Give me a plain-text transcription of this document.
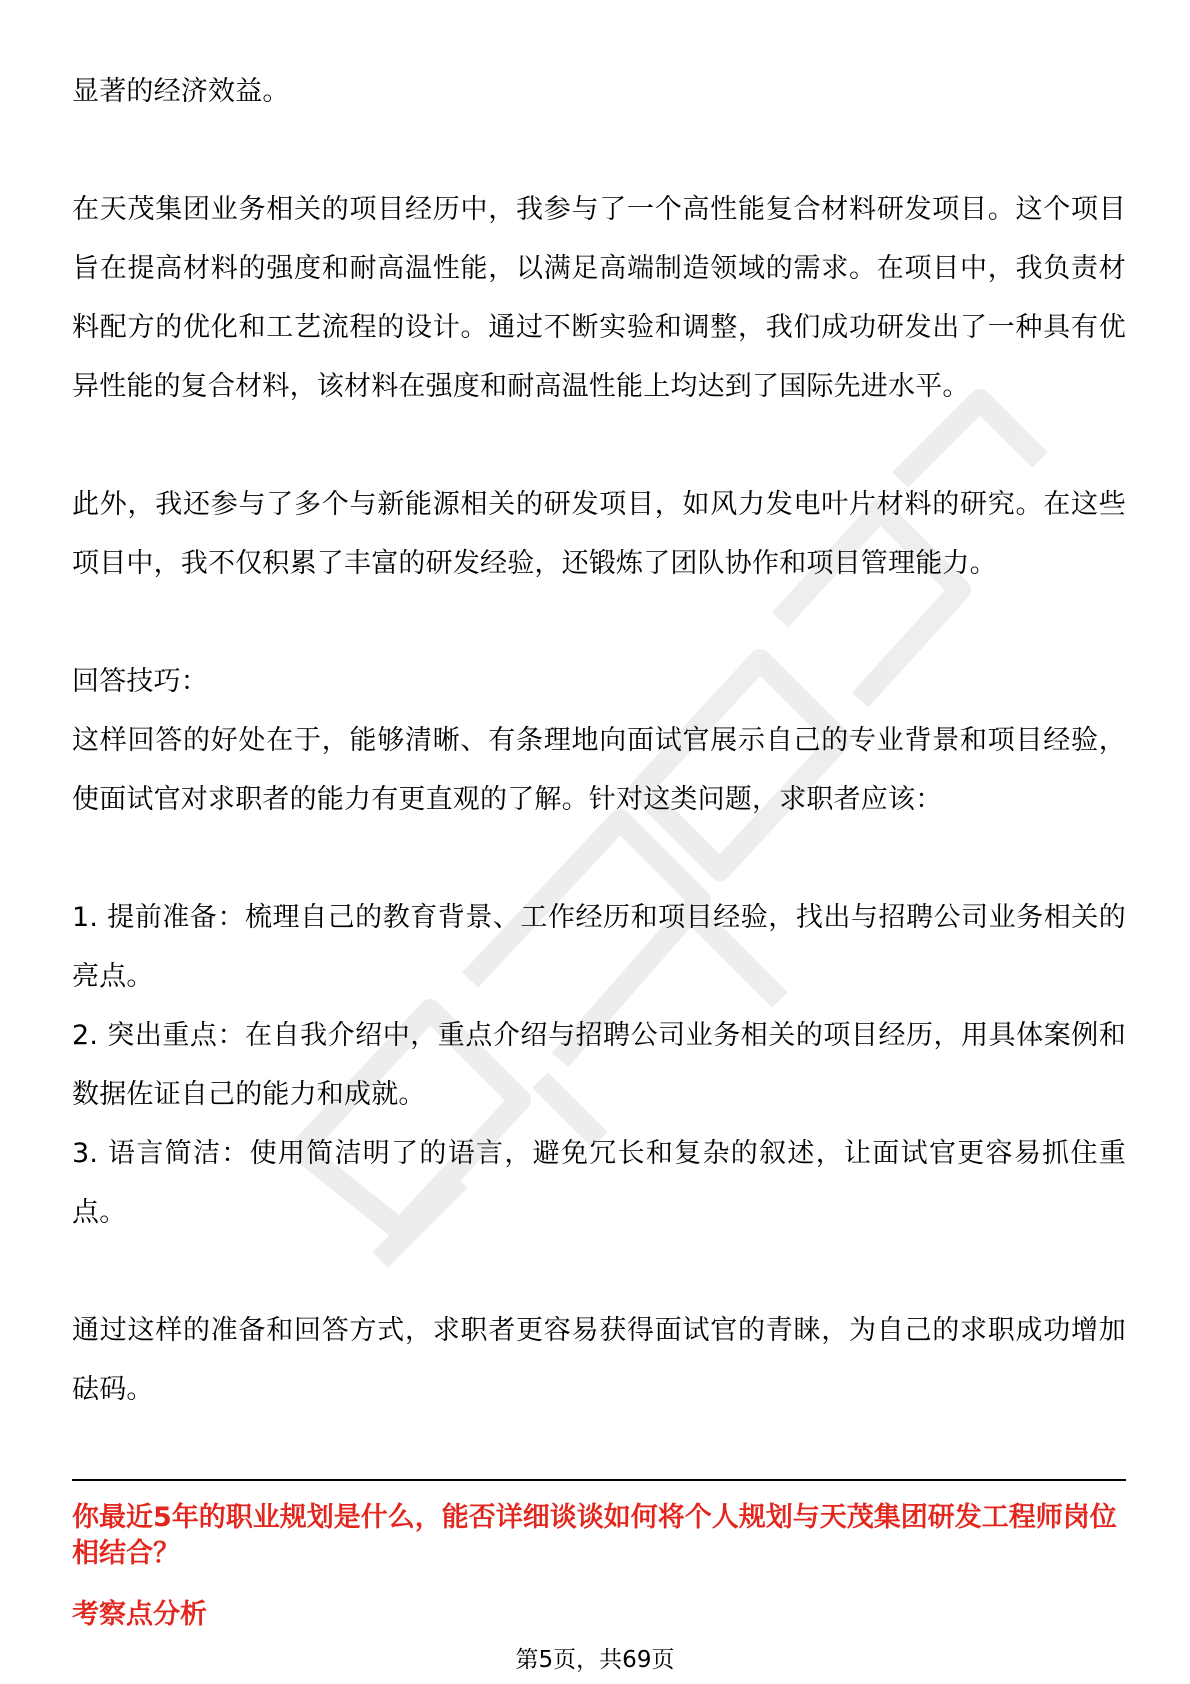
显著的经济效益。

在天茂集团业务相关的项目经历中，我参与了一个高性能复合材料研发项目。这个项目旨在提高材料的强度和耐高温性能，以满足高端制造领域的需求。在项目中，我负责材料配方的优化和工艺流程的设计。通过不断实验和调整，我们成功研发出了一种具有优异性能的复合材料，该材料在强度和耐高温性能上均达到了国际先进水平。

此外，我还参与了多个与新能源相关的研发项目，如风力发电叶片材料的研究。在这些项目中，我不仅积累了丰富的研发经验，还锻炼了团队协作和项目管理能力。

回答技巧：

这样回答的好处在于，能够清晰、有条理地向面试官展示自己的专业背景和项目经验，使面试官对求职者的能力有更直观的了解。针对这类问题，求职者应该：

1. 提前准备：梳理自己的教育背景、工作经历和项目经验，找出与招聘公司业务相关的亮点。

2. 突出重点：在自我介绍中，重点介绍与招聘公司业务相关的项目经历，用具体案例和数据佐证自己的能力和成就。

3. 语言简洁：使用简洁明了的语言，避免冗长和复杂的叙述，让面试官更容易抓住重点。

通过这样的准备和回答方式，求职者更容易获得面试官的青睐，为自己的求职成功增加砝码。

你最近5年的职业规划是什么，能否详细谈谈如何将个人规划与天茂集团研发工程师岗位相结合？

考察点分析

第5页，共69页
